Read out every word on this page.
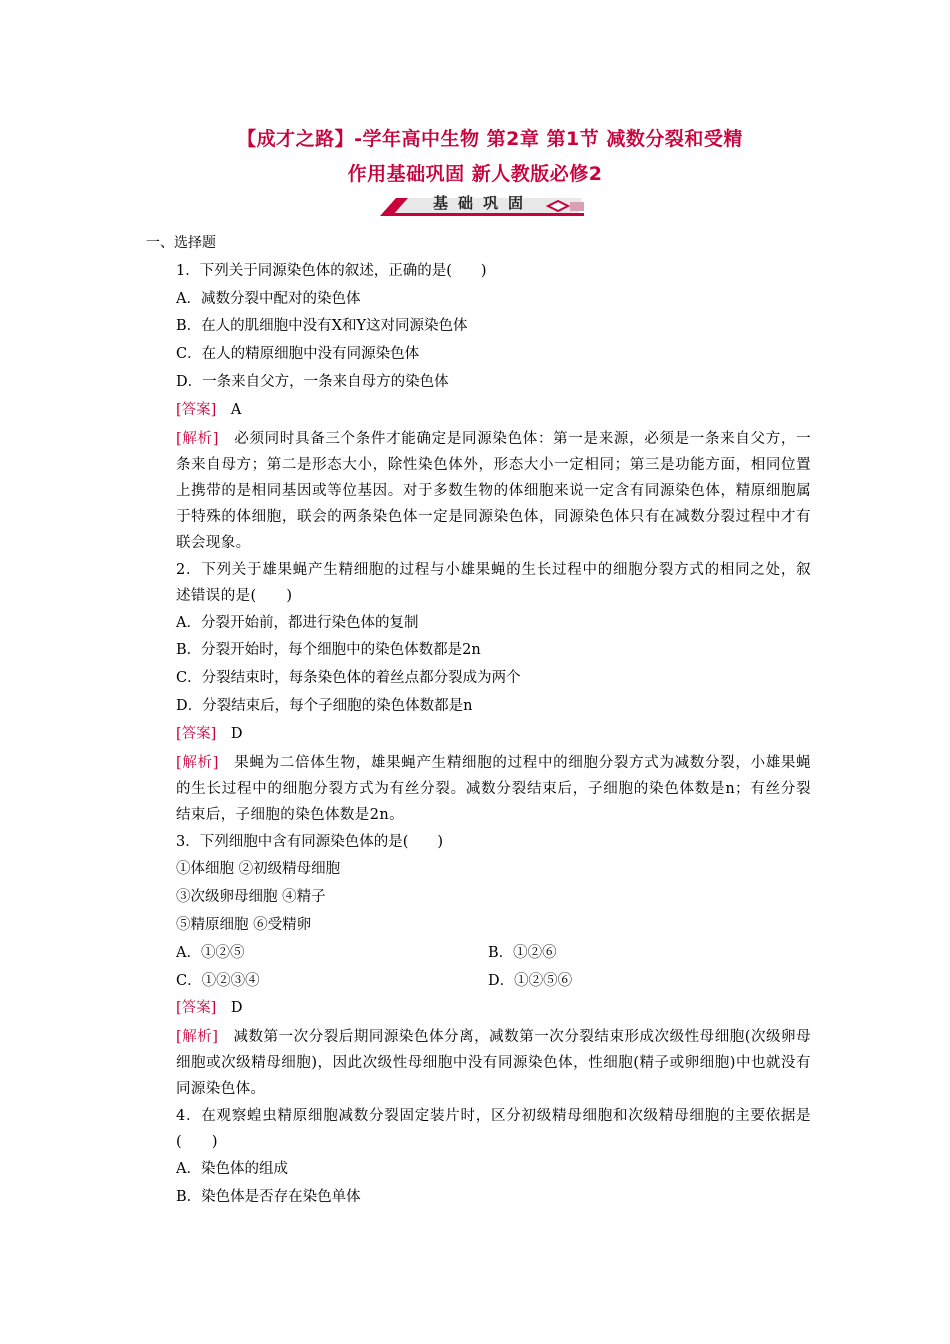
【成才之路】-学年高中生物 第2章 第1节 减数分裂和受精
作用基础巩固 新人教版必修2
基础巩固
一、选择题
1．下列关于同源染色体的叙述，正确的是(　　)
A．减数分裂中配对的染色体
B．在人的肌细胞中没有X和Y这对同源染色体
C．在人的精原细胞中没有同源染色体
D．一条来自父方，一条来自母方的染色体
[答案]　 A
[解析]　 必须同时具备三个条件才能确定是同源染色体：第一是来源，必须是一条来自父方，一条来自母方；第二是形态大小，除性染色体外，形态大小一定相同；第三是功能方面，相同位置上携带的是相同基因或等位基因。对于多数生物的体细胞来说一定含有同源染色体，精原细胞属于特殊的体细胞，联会的两条染色体一定是同源染色体，同源染色体只有在减数分裂过程中才有联会现象。
2．下列关于雄果蝇产生精细胞的过程与小雄果蝇的生长过程中的细胞分裂方式的相同之处，叙述错误的是(　　)
A．分裂开始前，都进行染色体的复制
B．分裂开始时，每个细胞中的染色体数都是2n
C．分裂结束时，每条染色体的着丝点都分裂成为两个
D．分裂结束后，每个子细胞的染色体数都是n
[答案]　 D
[解析]　 果蝇为二倍体生物，雄果蝇产生精细胞的过程中的细胞分裂方式为减数分裂，小雄果蝇的生长过程中的细胞分裂方式为有丝分裂。减数分裂结束后，子细胞的染色体数是n；有丝分裂结束后，子细胞的染色体数是2n。
3．下列细胞中含有同源染色体的是(　　)
①体细胞 ②初级精母细胞
③次级卵母细胞 ④精子
⑤精原细胞 ⑥受精卵
A．①②⑤	B．①②⑥
C．①②③④	D．①②⑤⑥
[答案]　 D
[解析]　 减数第一次分裂后期同源染色体分离，减数第一次分裂结束形成次级性母细胞(次级卵母细胞或次级精母细胞)，因此次级性母细胞中没有同源染色体，性细胞(精子或卵细胞)中也就没有同源染色体。
4．在观察蝗虫精原细胞减数分裂固定装片时，区分初级精母细胞和次级精母细胞的主要依据是(　　)
A．染色体的组成
B．染色体是否存在染色单体
